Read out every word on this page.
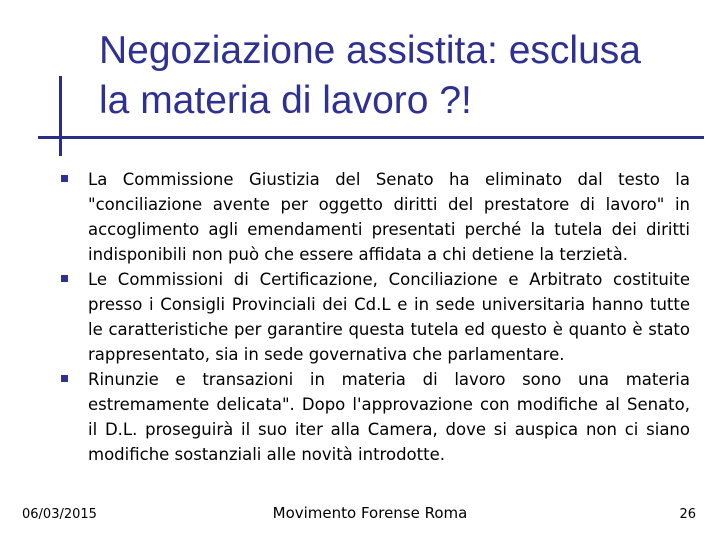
Negoziazione assistita: esclusa
la materia di lavoro ?!
La Commissione Giustizia del Senato ha eliminato dal testo la "conciliazione avente per oggetto diritti del prestatore di lavoro" in accoglimento agli emendamenti presentati perché la tutela dei diritti indisponibili non può che essere affidata a chi detiene la terzietà.
Le Commissioni di Certificazione, Conciliazione e Arbitrato costituite presso i Consigli Provinciali dei Cd.L e in sede universitaria hanno tutte le caratteristiche per garantire questa tutela ed questo è quanto è stato rappresentato, sia in sede governativa che parlamentare.
Rinunzie e transazioni in materia di lavoro sono una materia estremamente delicata". Dopo l'approvazione con modifiche al Senato, il D.L. proseguirà il suo iter alla Camera, dove si auspica non ci siano modifiche sostanziali alle novità introdotte.
06/03/2015	Movimento Forense Roma	26
